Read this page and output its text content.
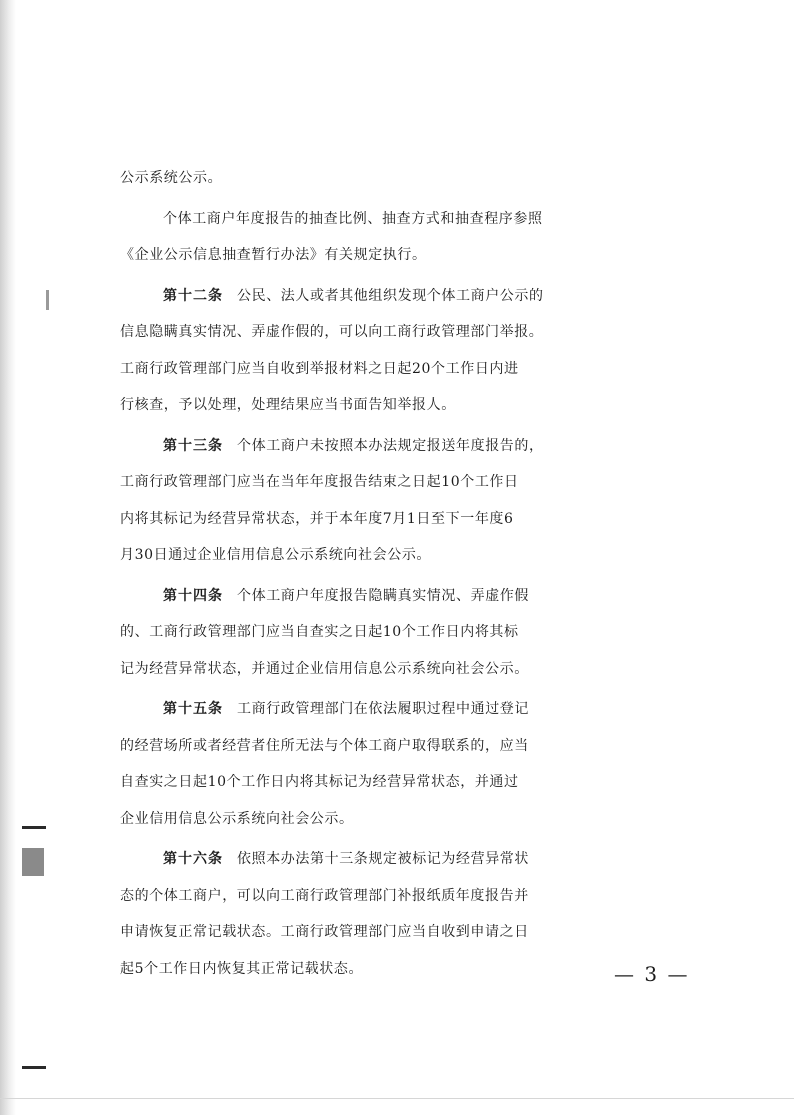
公示系统公示。
个体工商户年度报告的抽查比例、抽查方式和抽查程序参照
《企业公示信息抽查暂行办法》有关规定执行。
第十二条 公民、法人或者其他组织发现个体工商户公示的
信息隐瞒真实情况、弄虚作假的，可以向工商行政管理部门举报。
工商行政管理部门应当自收到举报材料之日起20个工作日内进
行核查，予以处理，处理结果应当书面告知举报人。
第十三条 个体工商户未按照本办法规定报送年度报告的，
工商行政管理部门应当在当年年度报告结束之日起10个工作日
内将其标记为经营异常状态，并于本年度7月1日至下一年度6
月30日通过企业信用信息公示系统向社会公示。
第十四条 个体工商户年度报告隐瞒真实情况、弄虚作假
的、工商行政管理部门应当自查实之日起10个工作日内将其标
记为经营异常状态，并通过企业信用信息公示系统向社会公示。
第十五条 工商行政管理部门在依法履职过程中通过登记
的经营场所或者经营者住所无法与个体工商户取得联系的，应当
自查实之日起10个工作日内将其标记为经营异常状态，并通过
企业信用信息公示系统向社会公示。
第十六条 依照本办法第十三条规定被标记为经营异常状
态的个体工商户，可以向工商行政管理部门补报纸质年度报告并
申请恢复正常记载状态。工商行政管理部门应当自收到申请之日
起5个工作日内恢复其正常记载状态。	— 3 —
